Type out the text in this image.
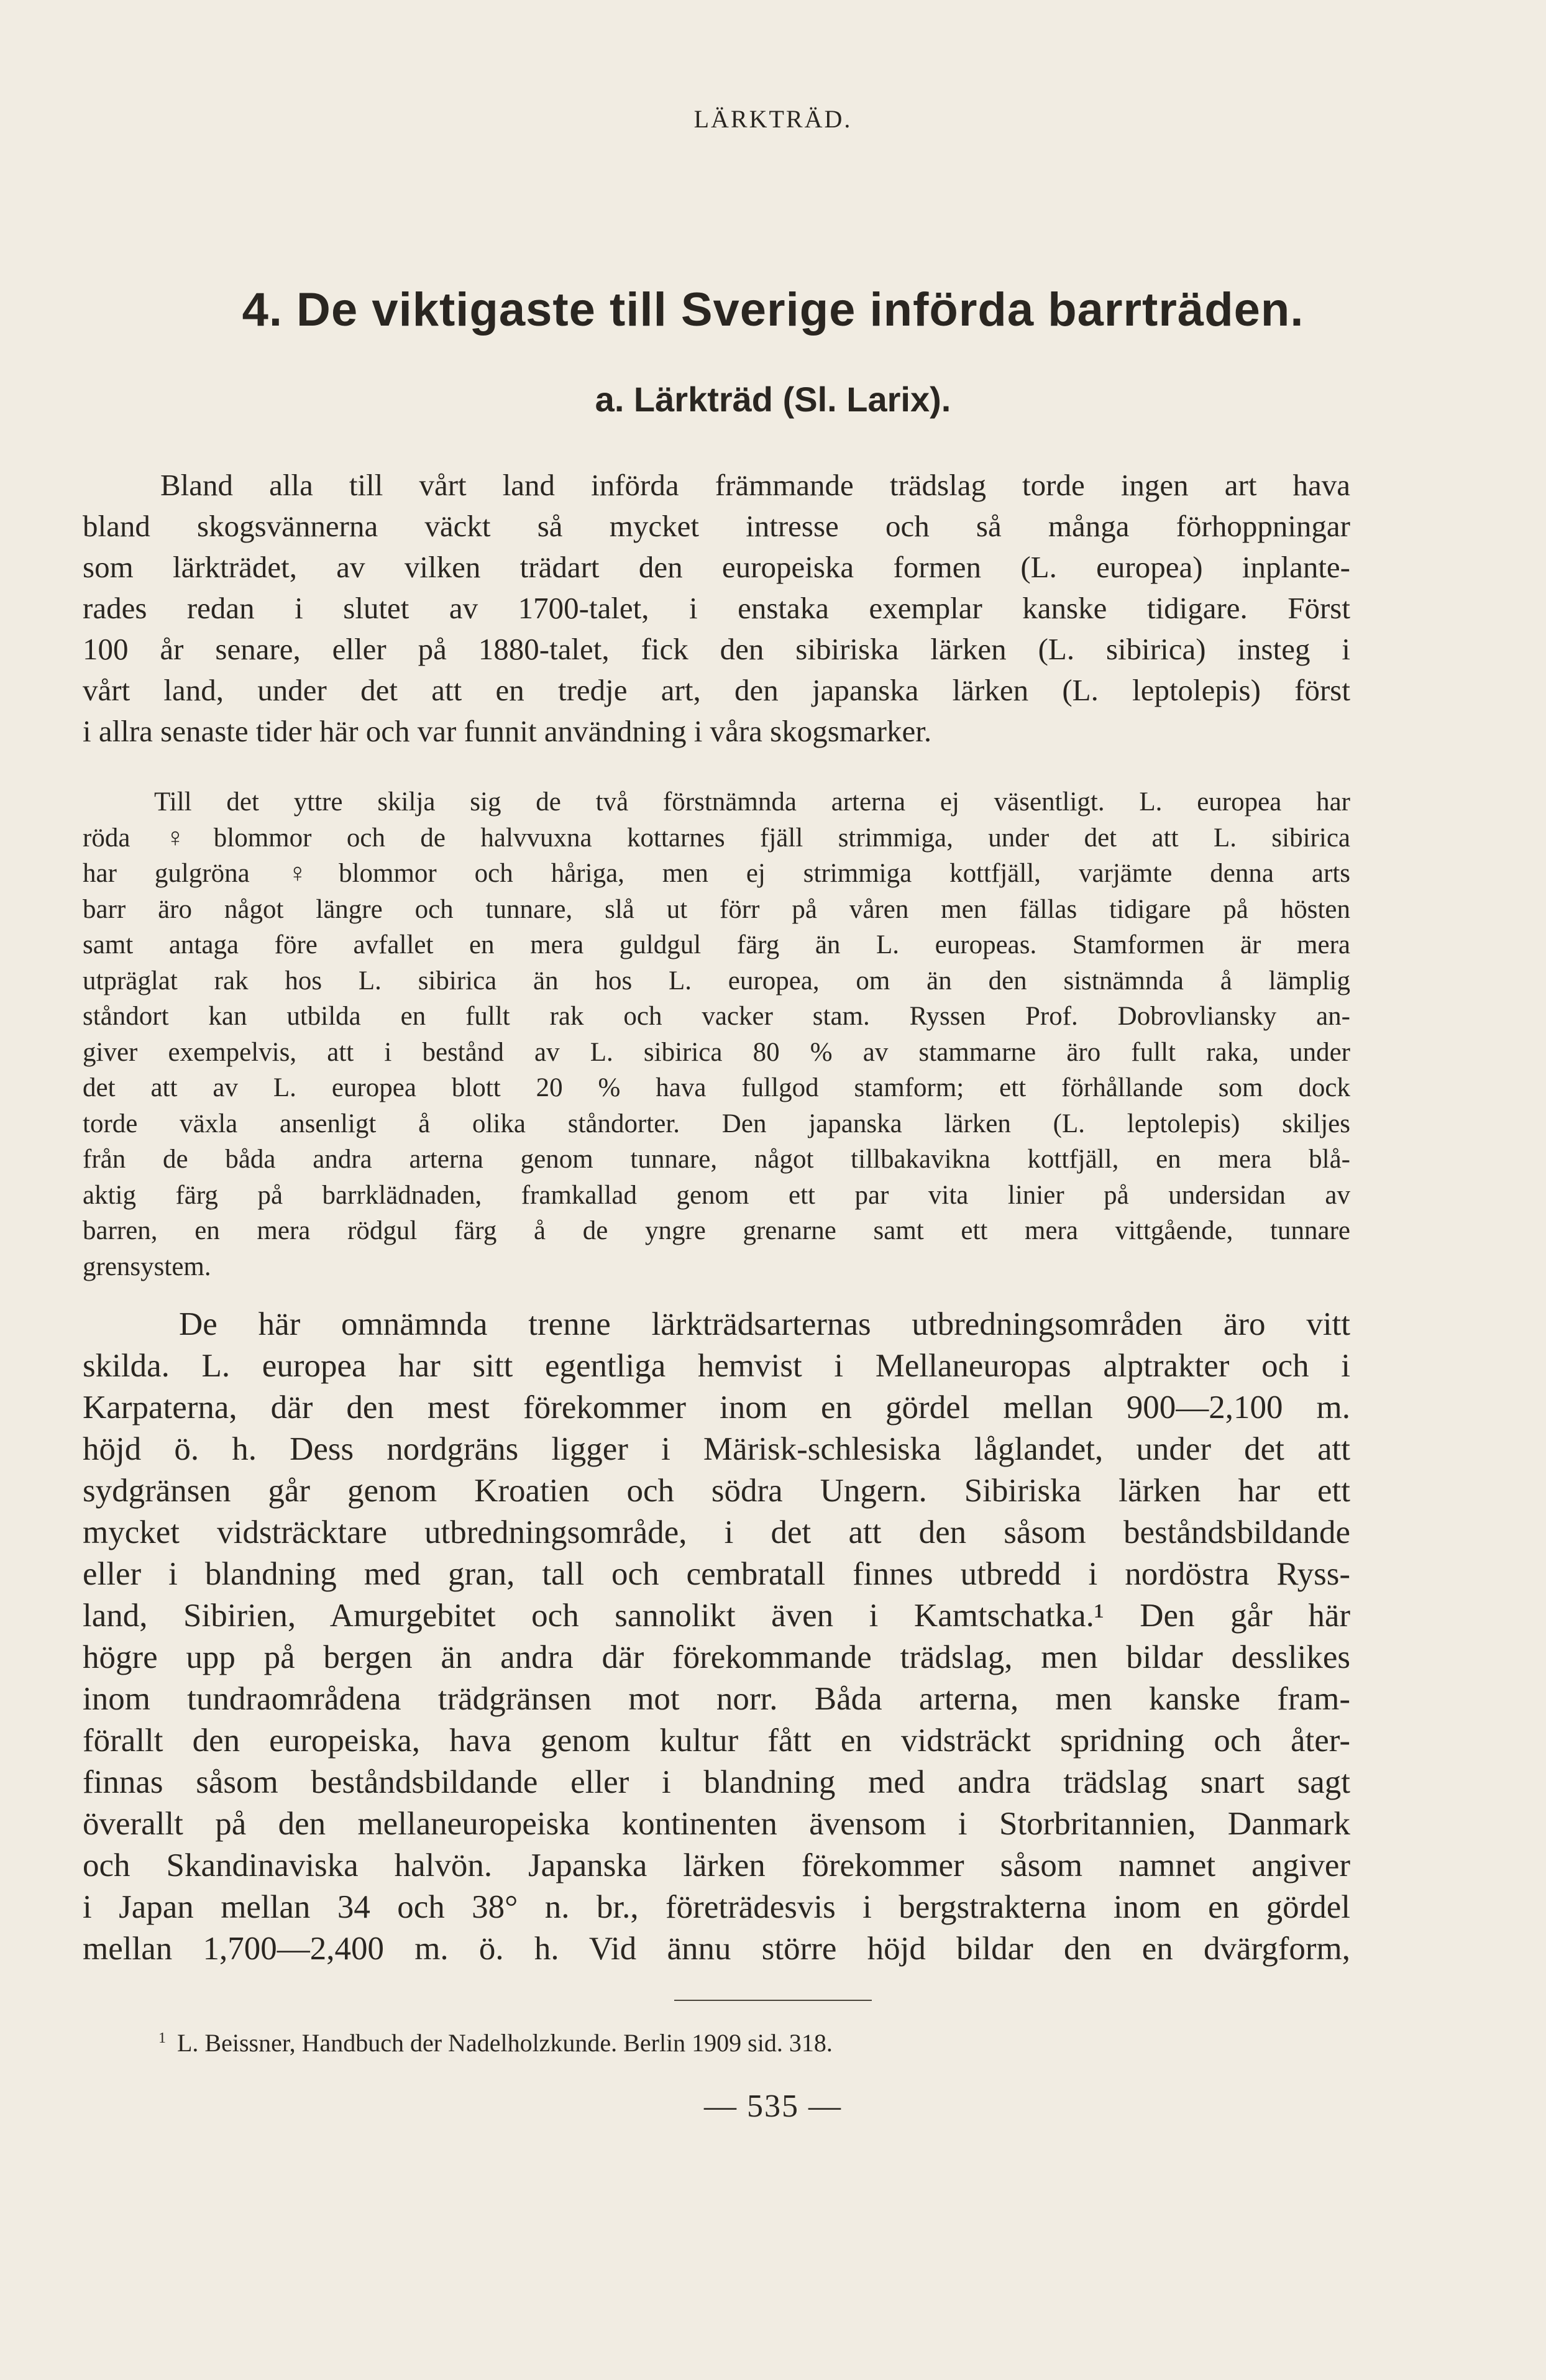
LÄRKTRÄD.
4. De viktigaste till Sverige införda barrträden.
a. Lärkträd (Sl. Larix).
Bland alla till vårt land införda främmande trädslag torde ingen art hava
bland skogsvännerna väckt så mycket intresse och så många förhoppningar
som lärkträdet, av vilken trädart den europeiska formen (L. europea) inplante-
rades redan i slutet av 1700-talet, i enstaka exemplar kanske tidigare. Först
100 år senare, eller på 1880-talet, fick den sibiriska lärken (L. sibirica) insteg i
vårt land, under det att en tredje art, den japanska lärken (L. leptolepis) först
i allra senaste tider här och var funnit användning i våra skogsmarker.
Till det yttre skilja sig de två förstnämnda arterna ej väsentligt. L. europea har
röda ♀blommor och de halvvuxna kottarnes fjäll strimmiga, under det att L. sibirica
har gulgröna ♀blommor och håriga, men ej strimmiga kottfjäll, varjämte denna arts
barr äro något längre och tunnare, slå ut förr på våren men fällas tidigare på hösten
samt antaga före avfallet en mera guldgul färg än L. europeas. Stamformen är mera
utpräglat rak hos L. sibirica än hos L. europea, om än den sistnämnda å lämplig
ståndort kan utbilda en fullt rak och vacker stam. Ryssen Prof. Dobrovliansky an-
giver exempelvis, att i bestånd av L. sibirica 80 % av stammarne äro fullt raka, under
det att av L. europea blott 20 % hava fullgod stamform; ett förhållande som dock
torde växla ansenligt å olika ståndorter. Den japanska lärken (L. leptolepis) skiljes
från de båda andra arterna genom tunnare, något tillbakavikna kottfjäll, en mera blå-
aktig färg på barrklädnaden, framkallad genom ett par vita linier på undersidan av
barren, en mera rödgul färg å de yngre grenarne samt ett mera vittgående, tunnare
grensystem.
De här omnämnda trenne lärkträdsarternas utbredningsområden äro vitt
skilda. L. europea har sitt egentliga hemvist i Mellaneuropas alptrakter och i
Karpaterna, där den mest förekommer inom en gördel mellan 900—2,100 m.
höjd ö. h. Dess nordgräns ligger i Märisk-schlesiska låglandet, under det att
sydgränsen går genom Kroatien och södra Ungern. Sibiriska lärken har ett
mycket vidsträcktare utbredningsområde, i det att den såsom beståndsbildande
eller i blandning med gran, tall och cembratall finnes utbredd i nordöstra Ryss-
land, Sibirien, Amurgebitet och sannolikt även i Kamtschatka.¹ Den går här
högre upp på bergen än andra där förekommande trädslag, men bildar desslikes
inom tundraområdena trädgränsen mot norr. Båda arterna, men kanske fram-
förallt den europeiska, hava genom kultur fått en vidsträckt spridning och åter-
finnas såsom beståndsbildande eller i blandning med andra trädslag snart sagt
överallt på den mellaneuropeiska kontinenten ävensom i Storbritannien, Danmark
och Skandinaviska halvön. Japanska lärken förekommer såsom namnet angiver
i Japan mellan 34 och 38° n. br., företrädesvis i bergstrakterna inom en gördel
mellan 1,700—2,400 m. ö. h. Vid ännu större höjd bildar den en dvärgform,
$^1$ L. Beissner, Handbuch der Nadelholzkunde. Berlin 1909 sid. 318.
— 535 —
